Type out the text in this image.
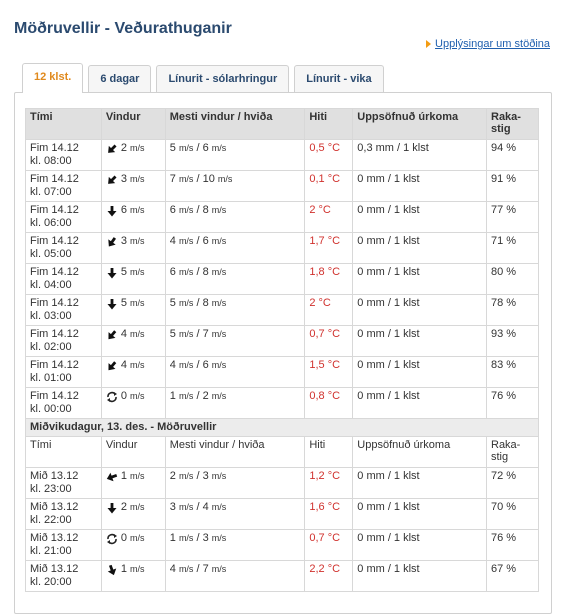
Möðruvellir - Veðurathuganir
Upplýsingar um stöðina
12 klst.	6 dagar	Línurit - sólarhringur	Línurit - vika
Tími	Vindur	Mesti vindur / hviða	Hiti	Uppsöfnuð úrkoma	Raka-stig

Fim 14.12
kl. 08:00	2 m/s	5 m/s / 6 m/s	0,5 °C	0,3 mm / 1 klst	94 %

Fim 14.12
kl. 07:00	3 m/s	7 m/s / 10 m/s	0,1 °C	0 mm / 1 klst	91 %

Fim 14.12
kl. 06:00	6 m/s	6 m/s / 8 m/s	2 °C	0 mm / 1 klst	77 %

Fim 14.12
kl. 05:00	3 m/s	4 m/s / 6 m/s	1,7 °C	0 mm / 1 klst	71 %

Fim 14.12
kl. 04:00	5 m/s	6 m/s / 8 m/s	1,8 °C	0 mm / 1 klst	80 %

Fim 14.12
kl. 03:00	5 m/s	5 m/s / 8 m/s	2 °C	0 mm / 1 klst	78 %

Fim 14.12
kl. 02:00	4 m/s	5 m/s / 7 m/s	0,7 °C	0 mm / 1 klst	93 %

Fim 14.12
kl. 01:00	4 m/s	4 m/s / 6 m/s	1,5 °C	0 mm / 1 klst	83 %

Fim 14.12
kl. 00:00	0 m/s	1 m/s / 2 m/s	0,8 °C	0 mm / 1 klst	76 %
Miðvikudagur, 13. des. - Möðruvellir					
Tími	Vindur	Mesti vindur / hviða	Hiti	Uppsöfnuð úrkoma	Raka-stig

Mið 13.12
kl. 23:00	1 m/s	2 m/s / 3 m/s	1,2 °C	0 mm / 1 klst	72 %

Mið 13.12
kl. 22:00	2 m/s	3 m/s / 4 m/s	1,6 °C	0 mm / 1 klst	70 %

Mið 13.12
kl. 21:00	0 m/s	1 m/s / 3 m/s	0,7 °C	0 mm / 1 klst	76 %

Mið 13.12
kl. 20:00	1 m/s	4 m/s / 7 m/s	2,2 °C	0 mm / 1 klst	67 %
